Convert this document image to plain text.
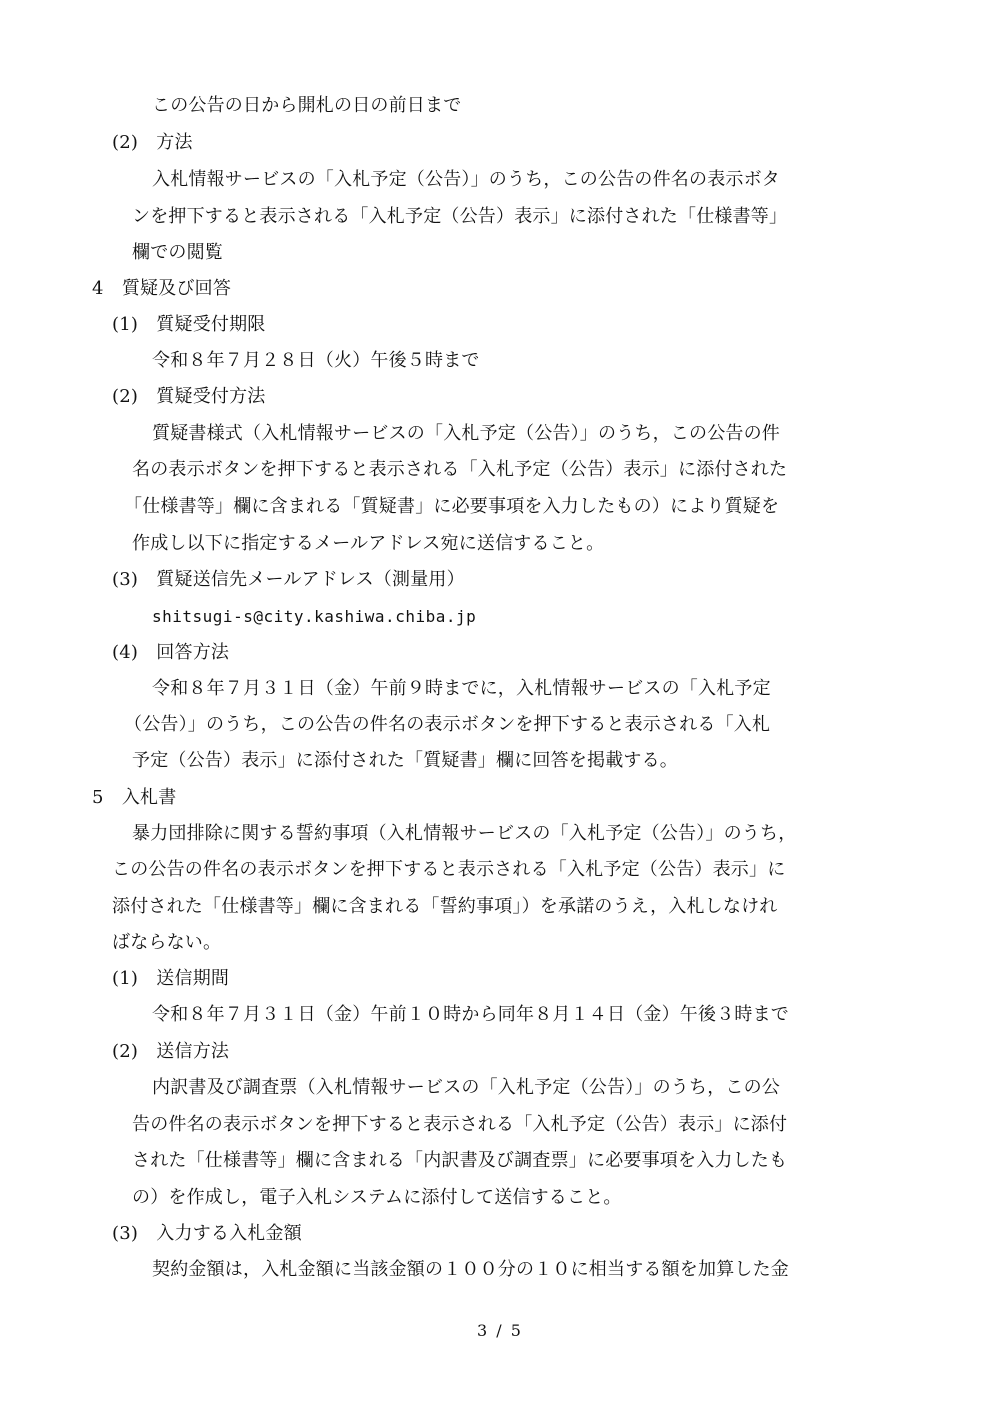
この公告の日から開札の日の前日まで
(2)　方法
入札情報サービスの「入札予定（公告）」のうち，この公告の件名の表示ボタ
ンを押下すると表示される「入札予定（公告）表示」に添付された「仕様書等」
欄での閲覧
4　質疑及び回答
(1)　質疑受付期限
令和８年７月２８日（火）午後５時まで
(2)　質疑受付方法
質疑書様式（入札情報サービスの「入札予定（公告）」のうち，この公告の件
名の表示ボタンを押下すると表示される「入札予定（公告）表示」に添付された
「仕様書等」欄に含まれる「質疑書」に必要事項を入力したもの）により質疑を
作成し以下に指定するメールアドレス宛に送信すること。
(3)　質疑送信先メールアドレス（測量用）
shitsugi-s@city.kashiwa.chiba.jp
(4)　回答方法
令和８年７月３１日（金）午前９時までに，入札情報サービスの「入札予定
（公告）」のうち，この公告の件名の表示ボタンを押下すると表示される「入札
予定（公告）表示」に添付された「質疑書」欄に回答を掲載する。
5　入札書
暴力団排除に関する誓約事項（入札情報サービスの「入札予定（公告）」のうち，
この公告の件名の表示ボタンを押下すると表示される「入札予定（公告）表示」に
添付された「仕様書等」欄に含まれる「誓約事項」）を承諾のうえ，入札しなけれ
ばならない。
(1)　送信期間
令和８年７月３１日（金）午前１０時から同年８月１４日（金）午後３時まで
(2)　送信方法
内訳書及び調査票（入札情報サービスの「入札予定（公告）」のうち，この公
告の件名の表示ボタンを押下すると表示される「入札予定（公告）表示」に添付
された「仕様書等」欄に含まれる「内訳書及び調査票」に必要事項を入力したも
の）を作成し，電子入札システムに添付して送信すること。
(3)　入力する入札金額
契約金額は，入札金額に当該金額の１００分の１０に相当する額を加算した金
3 / 5
